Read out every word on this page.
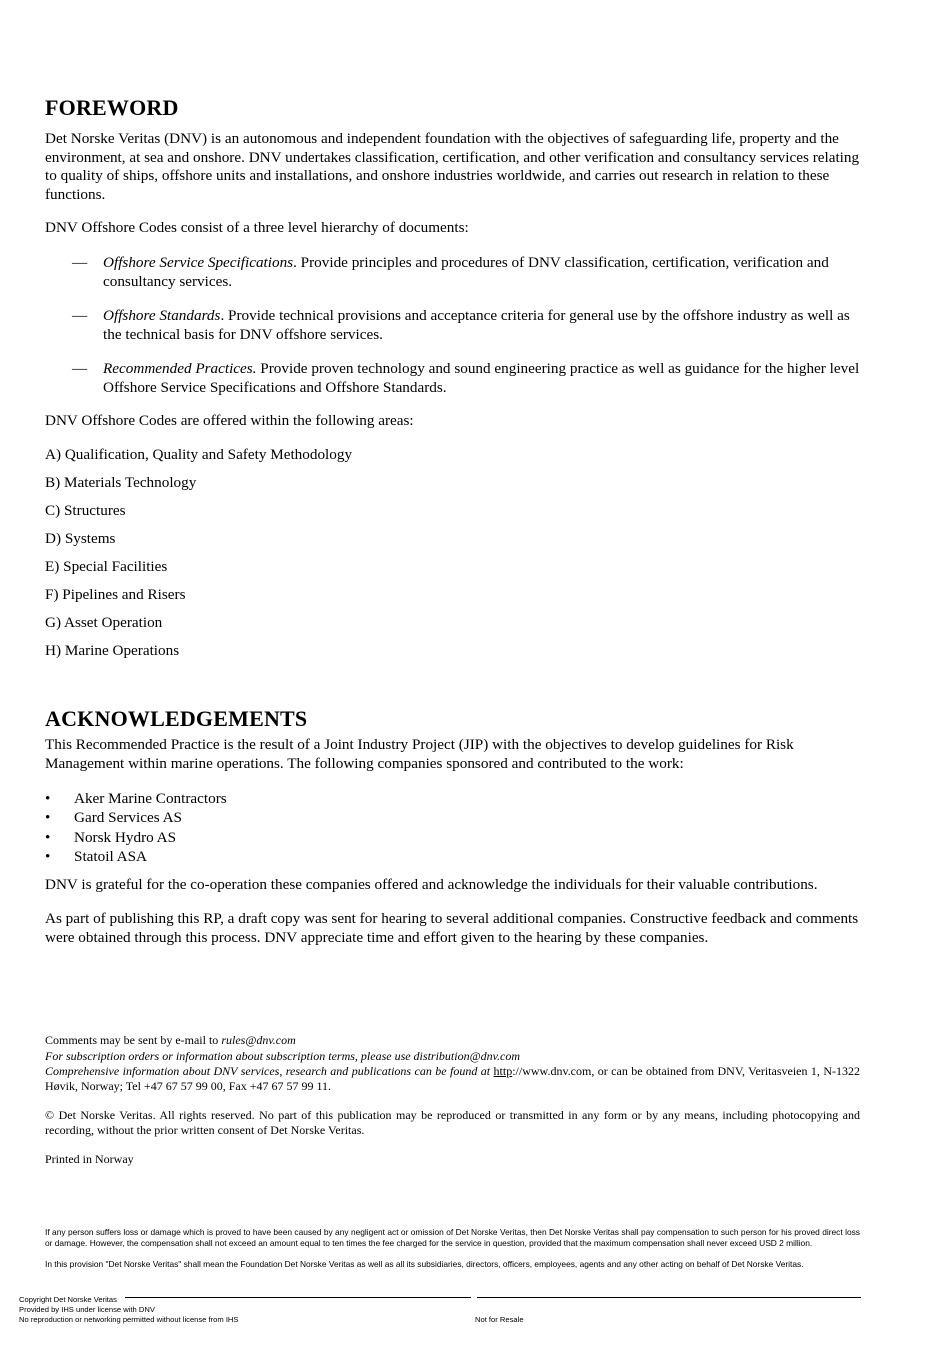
FOREWORD

Det Norske Veritas (DNV) is an autonomous and independent foundation with the objectives of safeguarding life, property and the environment, at sea and onshore. DNV undertakes classification, certification, and other verification and consultancy services relating to quality of ships, offshore units and installations, and onshore industries worldwide, and carries out research in relation to these functions.

DNV Offshore Codes consist of a three level hierarchy of documents:

— Offshore Service Specifications. Provide principles and procedures of DNV classification, certification, verification and consultancy services.
— Offshore Standards. Provide technical provisions and acceptance criteria for general use by the offshore industry as well as the technical basis for DNV offshore services.
— Recommended Practices. Provide proven technology and sound engineering practice as well as guidance for the higher level Offshore Service Specifications and Offshore Standards.

DNV Offshore Codes are offered within the following areas:

A) Qualification, Quality and Safety Methodology
B) Materials Technology
C) Structures
D) Systems
E) Special Facilities
F) Pipelines and Risers
G) Asset Operation
H) Marine Operations
ACKNOWLEDGEMENTS

This Recommended Practice is the result of a Joint Industry Project (JIP) with the objectives to develop guidelines for Risk Management within marine operations. The following companies sponsored and contributed to the work:

• Aker Marine Contractors
• Gard Services AS
• Norsk Hydro AS
• Statoil ASA

DNV is grateful for the co-operation these companies offered and acknowledge the individuals for their valuable contributions.

As part of publishing this RP, a draft copy was sent for hearing to several additional companies. Constructive feedback and comments were obtained through this process. DNV appreciate time and effort given to the hearing by these companies.

Comments may be sent by e-mail to rules@dnv.com

For subscription orders or information about subscription terms, please use distribution@dnv.com

Comprehensive information about DNV services, research and publications can be found at http://www.dnv.com, or can be obtained from DNV, Veritasveien 1, N-1322 Høvik, Norway; Tel +47 67 57 99 00, Fax +47 67 57 99 11.

© Det Norske Veritas. All rights reserved. No part of this publication may be reproduced or transmitted in any form or by any means, including photocopying and recording, without the prior written consent of Det Norske Veritas.

Printed in Norway

If any person suffers loss or damage which is proved to have been caused by any negligent act or omission of Det Norske Veritas, then Det Norske Veritas shall pay compensation to such person for his proved direct loss or damage. However, the compensation shall not exceed an amount equal to ten times the fee charged for the service in question, provided that the maximum compensation shall never exceed USD 2 million.

In this provision "Det Norske Veritas" shall mean the Foundation Det Norske Veritas as well as all its subsidiaries, directors, officers, employees, agents and any other acting on behalf of Det Norske Veritas.

Copyright Det Norske Veritas
Provided by IHS under license with DNV
No reproduction or networking permitted without license from IHS	Not for Resale
